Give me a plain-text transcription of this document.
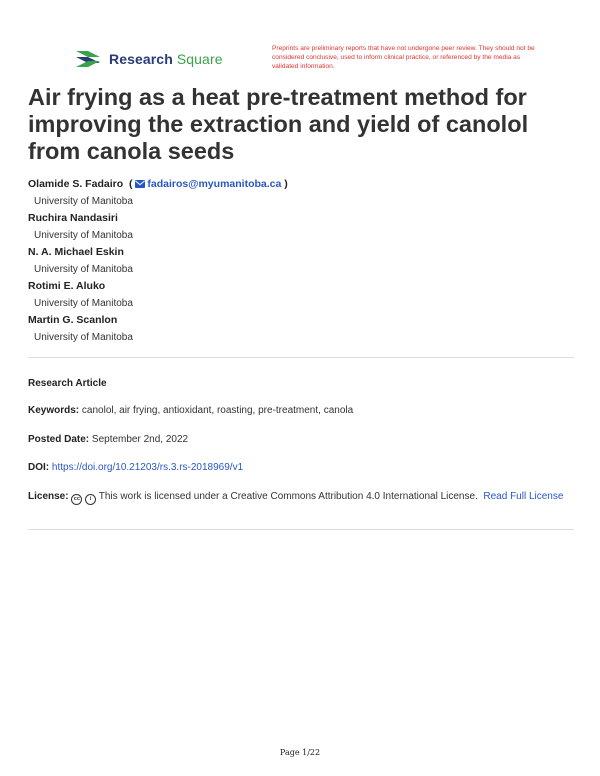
Research Square
Preprints are preliminary reports that have not undergone peer review. They should not be considered conclusive, used to inform clinical practice, or referenced by the media as validated information.
Air frying as a heat pre-treatment method for improving the extraction and yield of canolol from canola seeds
Olamide S. Fadairo ( fadairos@myumanitoba.ca )
University of Manitoba
Ruchira Nandasiri
University of Manitoba
N. A. Michael Eskin
University of Manitoba
Rotimi E. Aluko
University of Manitoba
Martin G. Scanlon
University of Manitoba
Research Article
Keywords: canolol, air frying, antioxidant, roasting, pre-treatment, canola
Posted Date: September 2nd, 2022
DOI: https://doi.org/10.21203/rs.3.rs-2018969/v1
License: cc i This work is licensed under a Creative Commons Attribution 4.0 International License. Read Full License
Page 1/22
